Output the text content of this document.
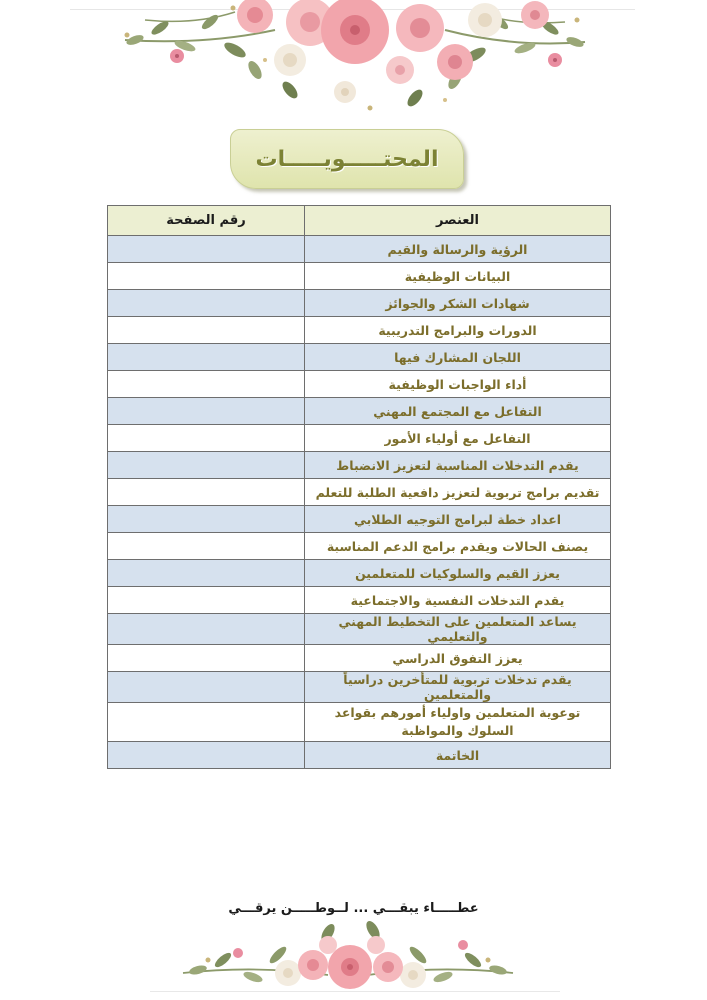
المحتـــــويـــــات
العنصر	رقم الصفحة
الرؤية والرسالة والقيم	
البيانات الوظيفية	
شهادات الشكر والجوائز	
الدورات والبرامج التدريبية	
اللجان المشارك فيها	
أداء الواجبات الوظيفية	
التفاعل مع المجتمع المهني	
التفاعل مع أولياء الأمور	
يقدم التدخلات المناسبة لتعزيز الانضباط	
تقديم برامج تربوية لتعزيز دافعية الطلبة للتعلم	
اعداد خطة لبرامج التوجيه الطلابي	
يصنف الحالات ويقدم برامج الدعم المناسبة	
يعزز القيم والسلوكيات للمتعلمين	
يقدم التدخلات النفسية والاجتماعية	
يساعد المتعلمين على التخطيط المهني والتعليمي	
يعزز التفوق الدراسي	
يقدم تدخلات تربوية للمتأخرين دراسياً والمتعلمين	
توعوية المتعلمين واولياء أمورهم بقواعد السلوك والمواظبة	
الخاتمة	
عطـــــاء يبقـــي ... لــوطـــــن يرقـــي
